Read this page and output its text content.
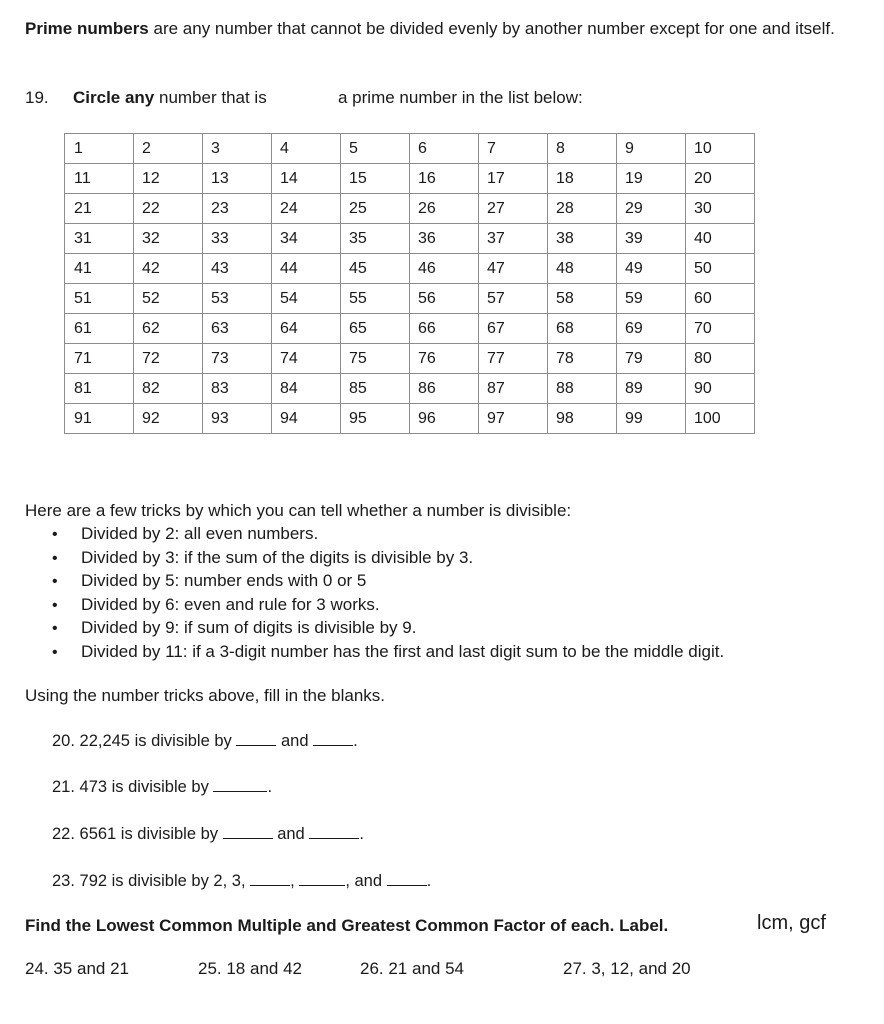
Prime numbers are any number that cannot be divided evenly by another number except for one and itself.
19. Circle any number that is	a prime number in the list below:
1	2	3	4	5	6	7	8	9	10
11	12	13	14	15	16	17	18	19	20
21	22	23	24	25	26	27	28	29	30
31	32	33	34	35	36	37	38	39	40
41	42	43	44	45	46	47	48	49	50
51	52	53	54	55	56	57	58	59	60
61	62	63	64	65	66	67	68	69	70
71	72	73	74	75	76	77	78	79	80
81	82	83	84	85	86	87	88	89	90
91	92	93	94	95	96	97	98	99	100
Here are a few tricks by which you can tell whether a number is divisible:
• Divided by 2: all even numbers.
• Divided by 3: if the sum of the digits is divisible by 3.
• Divided by 5: number ends with 0 or 5
• Divided by 6: even and rule for 3 works.
• Divided by 9: if sum of digits is divisible by 9.
• Divided by 11: if a 3-digit number has the first and last digit sum to be the middle digit.
Using the number tricks above, fill in the blanks.
20. 22,245 is divisible by	and	.
21. 473 is divisible by	.
22. 6561 is divisible by	and	.
23. 792 is divisible by 2, 3,	,	, and	.
Find the Lowest Common Multiple and Greatest Common Factor of each. Label.	lcm, gcf
24. 35 and 21	25. 18 and 42	26. 21 and 54	27. 3, 12, and 20
